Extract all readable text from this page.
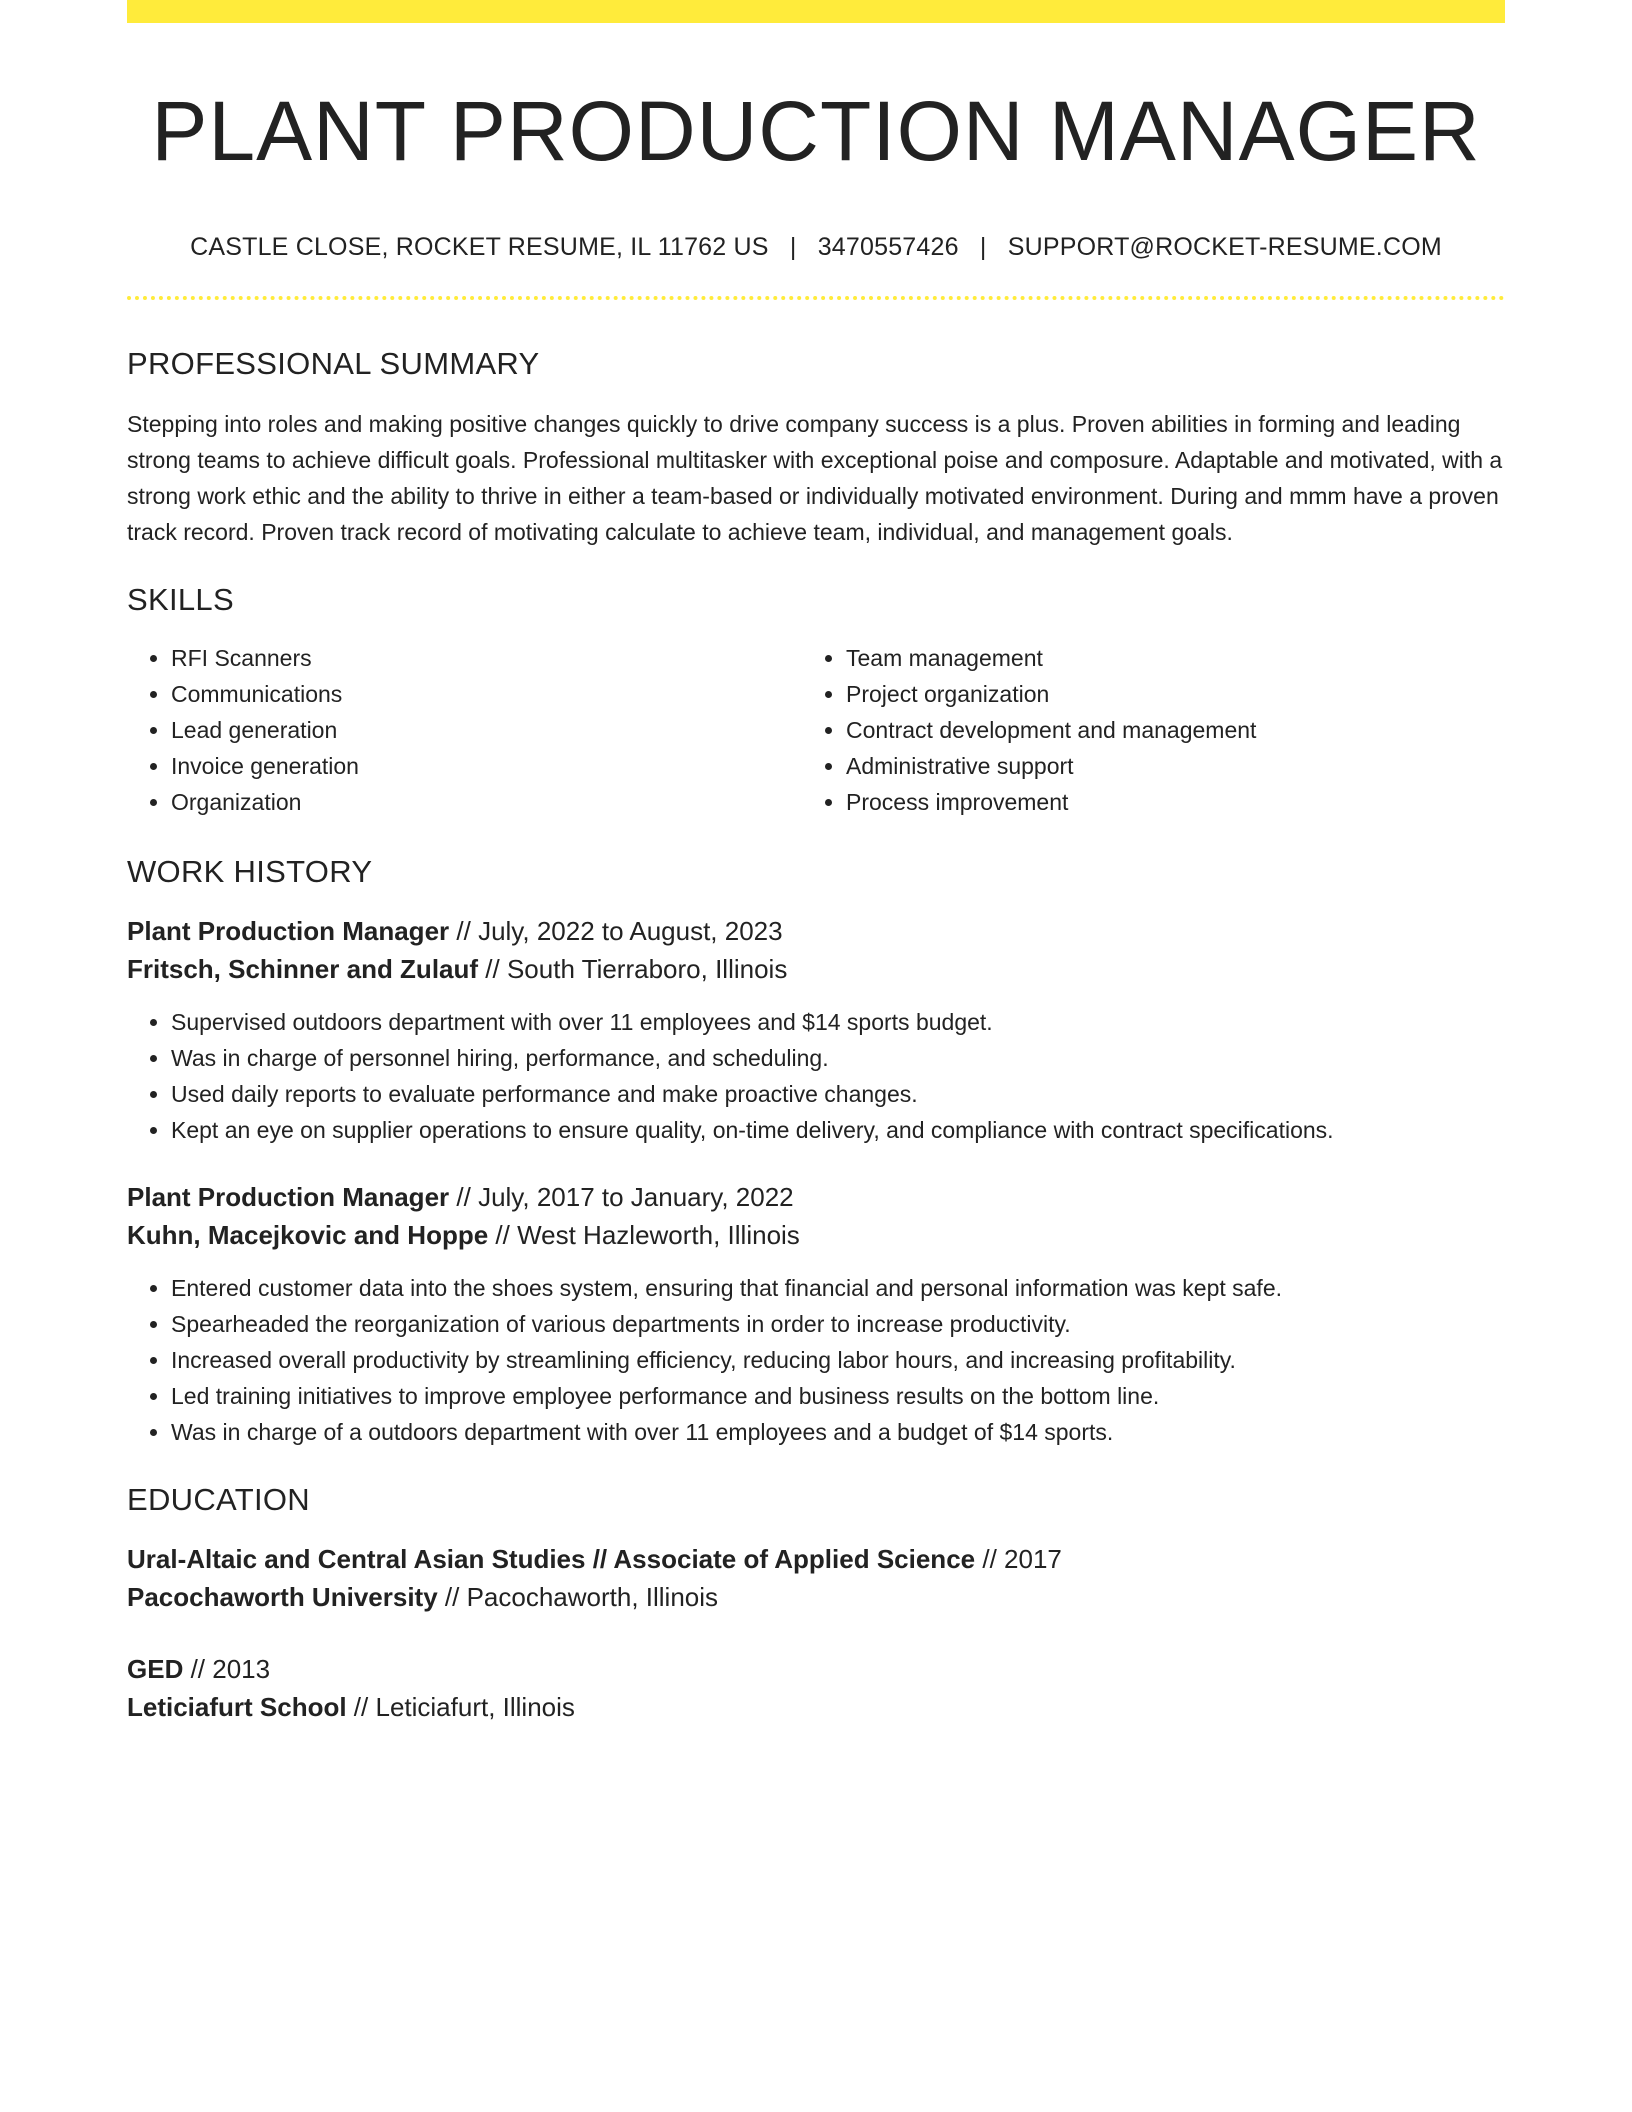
PLANT PRODUCTION MANAGER
CASTLE CLOSE, ROCKET RESUME, IL 11762 US | 3470557426 | SUPPORT@ROCKET-RESUME.COM
PROFESSIONAL SUMMARY
Stepping into roles and making positive changes quickly to drive company success is a plus. Proven abilities in forming and leading strong teams to achieve difficult goals. Professional multitasker with exceptional poise and composure. Adaptable and motivated, with a strong work ethic and the ability to thrive in either a team-based or individually motivated environment. During and mmm have a proven track record. Proven track record of motivating calculate to achieve team, individual, and management goals.
SKILLS
• RFI Scanners
• Communications
• Lead generation
• Invoice generation
• Organization
• Team management
• Project organization
• Contract development and management
• Administrative support
• Process improvement
WORK HISTORY
Plant Production Manager // July, 2022 to August, 2023
Fritsch, Schinner and Zulauf // South Tierraboro, Illinois
• Supervised outdoors department with over 11 employees and $14 sports budget.
• Was in charge of personnel hiring, performance, and scheduling.
• Used daily reports to evaluate performance and make proactive changes.
• Kept an eye on supplier operations to ensure quality, on-time delivery, and compliance with contract specifications.
Plant Production Manager // July, 2017 to January, 2022
Kuhn, Macejkovic and Hoppe // West Hazleworth, Illinois
• Entered customer data into the shoes system, ensuring that financial and personal information was kept safe.
• Spearheaded the reorganization of various departments in order to increase productivity.
• Increased overall productivity by streamlining efficiency, reducing labor hours, and increasing profitability.
• Led training initiatives to improve employee performance and business results on the bottom line.
• Was in charge of a outdoors department with over 11 employees and a budget of $14 sports.
EDUCATION
Ural-Altaic and Central Asian Studies // Associate of Applied Science // 2017
Pacochaworth University // Pacochaworth, Illinois
GED // 2013
Leticiafurt School // Leticiafurt, Illinois
